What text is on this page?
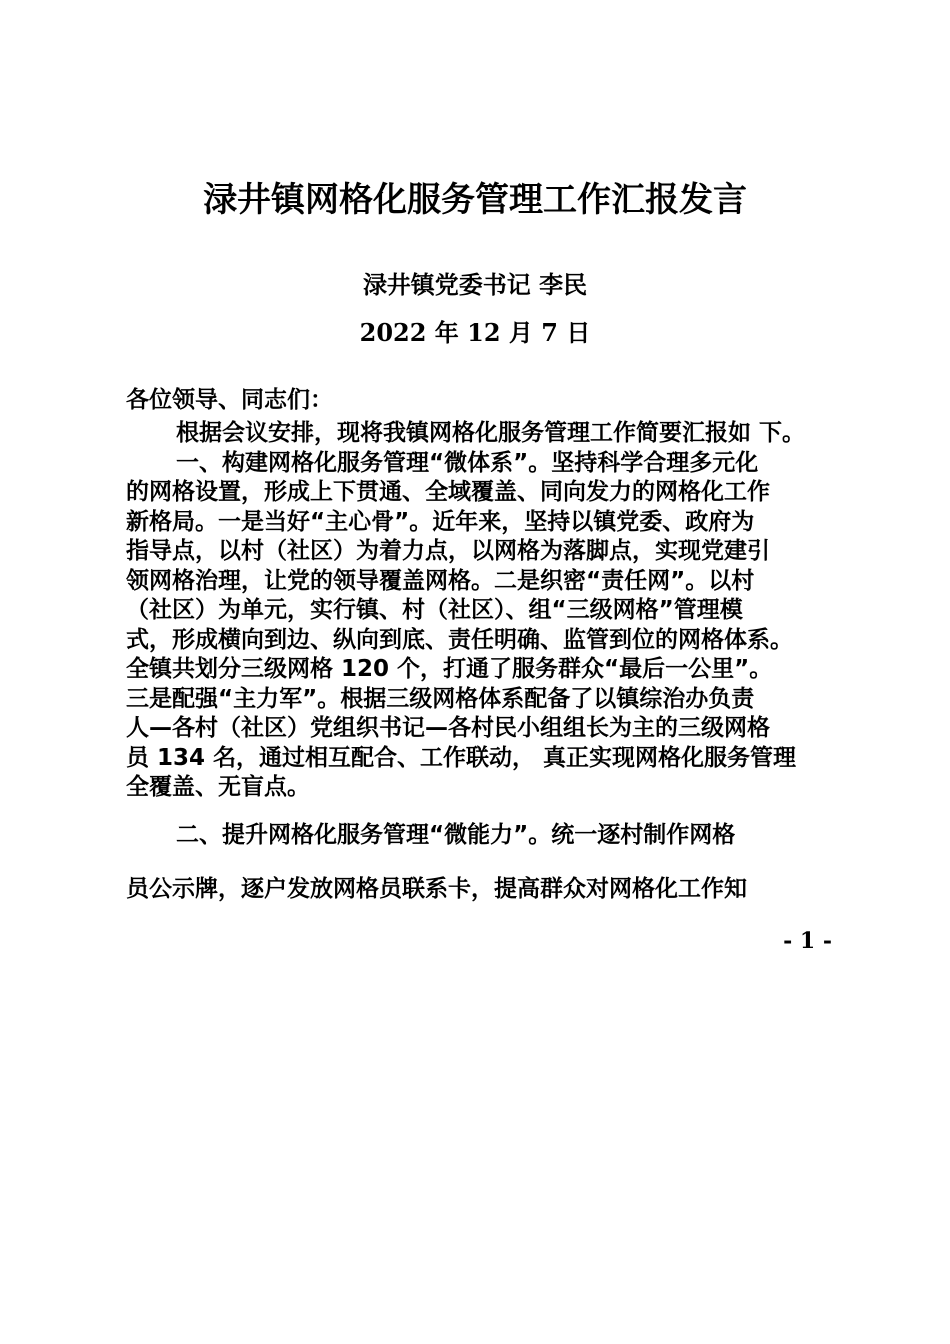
渌井镇网格化服务管理工作汇报发言
渌井镇党委书记 李民
2022 年 12 月 7 日
各位领导、同志们：
根据会议安排，现将我镇网格化服务管理工作简要汇报如 下。
一、构建网格化服务管理“微体系”。坚持科学合理多元化
的网格设置，形成上下贯通、全域覆盖、同向发力的网格化工作
新格局。一是当好“主心骨”。近年来，坚持以镇党委、政府为
指导点，以村（社区）为着力点，以网格为落脚点，实现党建引
领网格治理，让党的领导覆盖网格。二是织密“责任网”。以村
（社区）为单元，实行镇、村（社区）、组“三级网格”管理模
式，形成横向到边、纵向到底、责任明确、监管到位的网格体系。
全镇共划分三级网格 120 个，打通了服务群众“最后一公里”。
三是配强“主力军”。根据三级网格体系配备了以镇综治办负责
人—各村（社区）党组织书记—各村民小组组长为主的三级网格
员 134 名，通过相互配合、工作联动， 真正实现网格化服务管理
全覆盖、无盲点。
二、提升网格化服务管理“微能力”。统一逐村制作网格
员公示牌，逐户发放网格员联系卡，提高群众对网格化工作知
- 1 -
